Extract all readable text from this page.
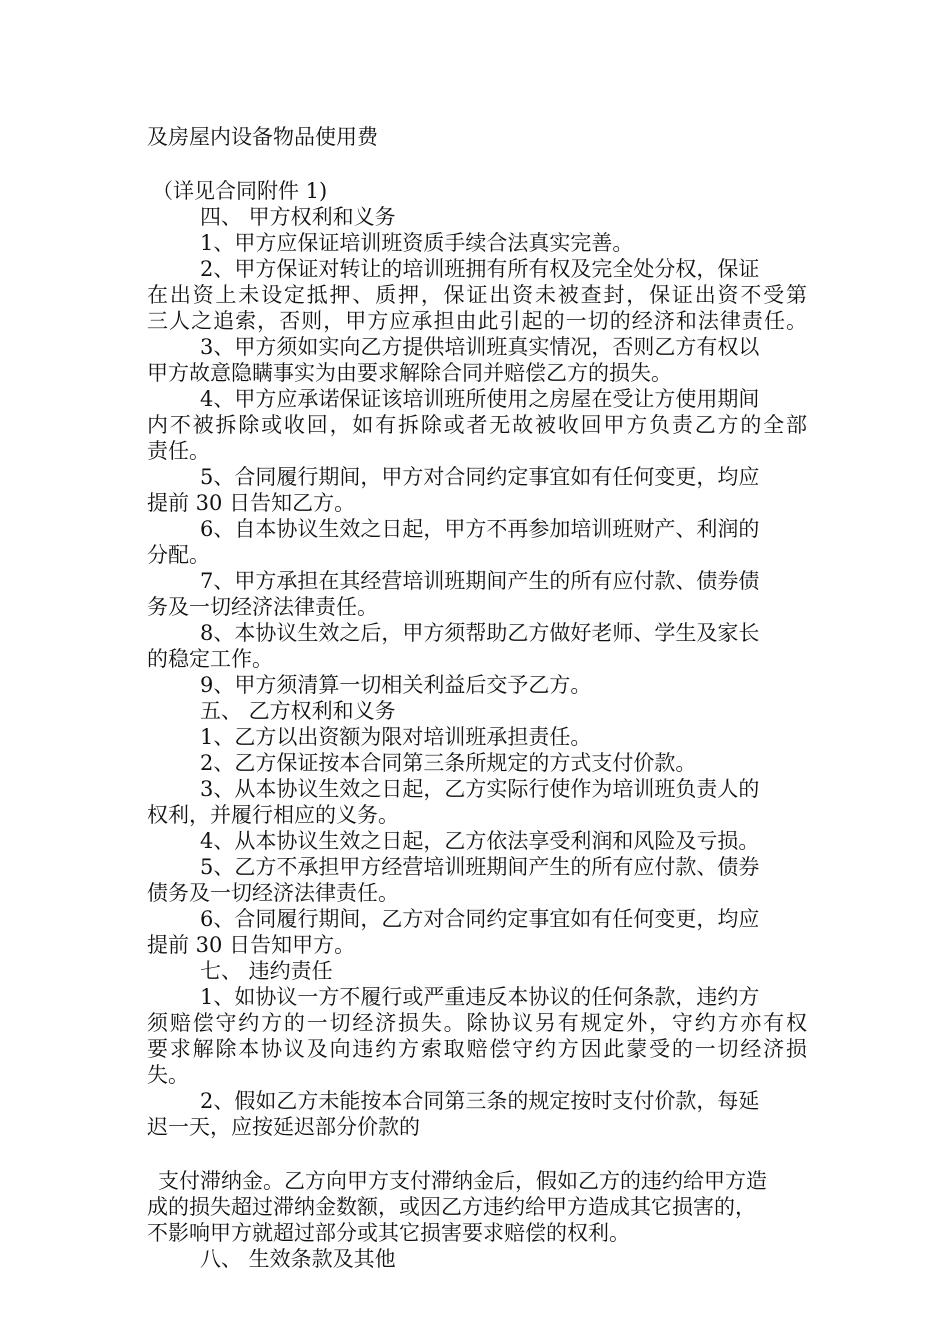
及房屋内设备物品使用费
（详见合同附件 1)
四、 甲方权利和义务
1、甲方应保证培训班资质手续合法真实完善。
2、甲方保证对转让的培训班拥有所有权及完全处分权，保证
在出资上未设定抵押、质押，保证出资未被查封，保证出资不受第
三人之追索，否则，甲方应承担由此引起的一切的经济和法律责任。
3、甲方须如实向乙方提供培训班真实情况，否则乙方有权以
甲方故意隐瞒事实为由要求解除合同并赔偿乙方的损失。
4、甲方应承诺保证该培训班所使用之房屋在受让方使用期间
内不被拆除或收回，如有拆除或者无故被收回甲方负责乙方的全部
责任。
5、合同履行期间，甲方对合同约定事宜如有任何变更，均应
提前 30 日告知乙方。
6、自本协议生效之日起，甲方不再参加培训班财产、利润的
分配。
7、甲方承担在其经营培训班期间产生的所有应付款、债券债
务及一切经济法律责任。
8、本协议生效之后，甲方须帮助乙方做好老师、学生及家长
的稳定工作。
9、甲方须清算一切相关利益后交予乙方。
五、 乙方权利和义务
1、乙方以出资额为限对培训班承担责任。
2、乙方保证按本合同第三条所规定的方式支付价款。
3、从本协议生效之日起，乙方实际行使作为培训班负责人的
权利，并履行相应的义务。
4、从本协议生效之日起，乙方依法享受利润和风险及亏损。
5、乙方不承担甲方经营培训班期间产生的所有应付款、债券
债务及一切经济法律责任。
6、合同履行期间，乙方对合同约定事宜如有任何变更，均应
提前 30 日告知甲方。
七、 违约责任
1、如协议一方不履行或严重违反本协议的任何条款，违约方
须赔偿守约方的一切经济损失。除协议另有规定外，守约方亦有权
要求解除本协议及向违约方索取赔偿守约方因此蒙受的一切经济损
失。
2、假如乙方未能按本合同第三条的规定按时支付价款，每延
迟一天，应按延迟部分价款的
支付滞纳金。乙方向甲方支付滞纳金后，假如乙方的违约给甲方造
成的损失超过滞纳金数额，或因乙方违约给甲方造成其它损害的，
不影响甲方就超过部分或其它损害要求赔偿的权利。
八、 生效条款及其他
